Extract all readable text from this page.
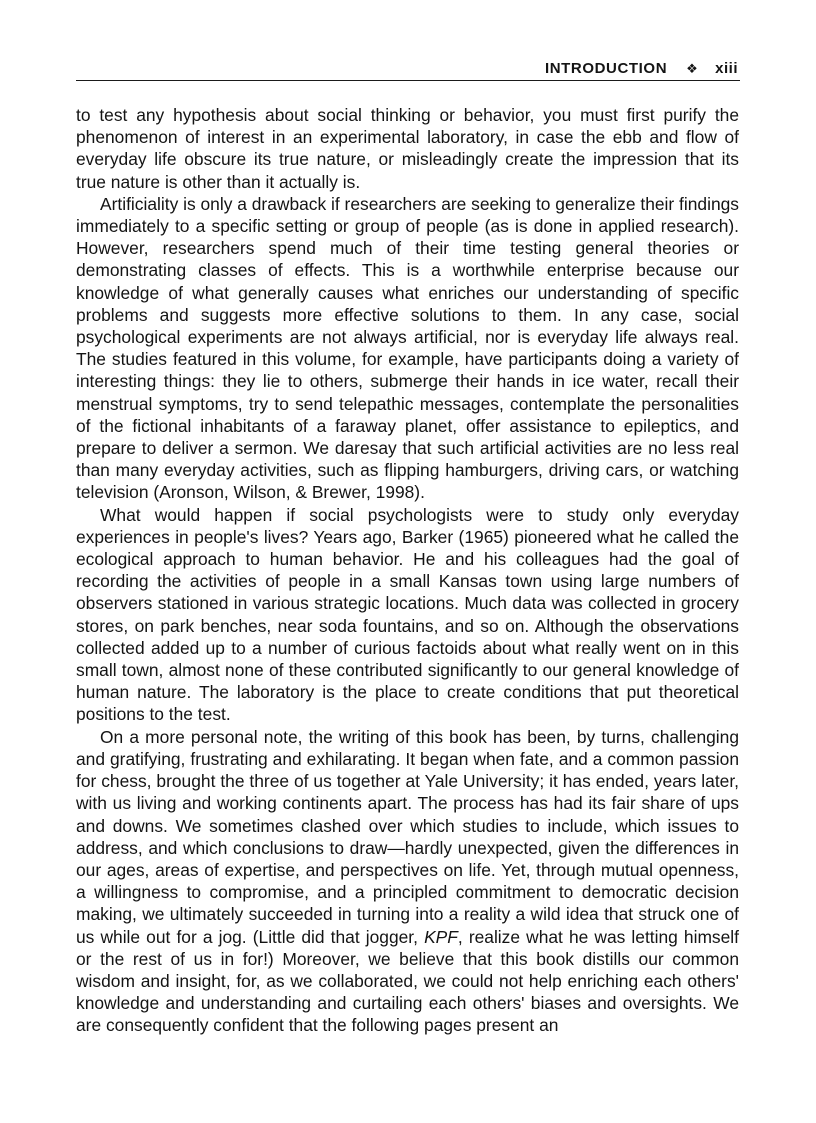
INTRODUCTION	❖	xiii

to test any hypothesis about social thinking or behavior, you must first purify the phenomenon of interest in an experimental laboratory, in case the ebb and flow of everyday life obscure its true nature, or misleadingly create the impression that its true nature is other than it actually is.

Artificiality is only a drawback if researchers are seeking to generalize their findings immediately to a specific setting or group of people (as is done in applied research). However, researchers spend much of their time testing general theories or demonstrating classes of effects. This is a worthwhile enterprise because our knowledge of what generally causes what enriches our understanding of specific problems and suggests more effective solutions to them. In any case, social psychological experiments are not always artificial, nor is everyday life always real. The studies featured in this volume, for example, have participants doing a variety of interesting things: they lie to others, submerge their hands in ice water, recall their menstrual symptoms, try to send telepathic messages, contemplate the personalities of the fictional inhabitants of a faraway planet, offer assistance to epileptics, and prepare to deliver a sermon. We daresay that such artificial activities are no less real than many everyday activities, such as flipping hamburgers, driving cars, or watching television (Aronson, Wilson, & Brewer, 1998).

What would happen if social psychologists were to study only everyday experiences in people's lives? Years ago, Barker (1965) pioneered what he called the ecological approach to human behavior. He and his colleagues had the goal of recording the activities of people in a small Kansas town using large numbers of observers stationed in various strategic locations. Much data was collected in grocery stores, on park benches, near soda fountains, and so on. Although the observations collected added up to a number of curious factoids about what really went on in this small town, almost none of these contributed significantly to our general knowledge of human nature. The laboratory is the place to create conditions that put theoretical positions to the test.

On a more personal note, the writing of this book has been, by turns, challenging and gratifying, frustrating and exhilarating. It began when fate, and a common passion for chess, brought the three of us together at Yale University; it has ended, years later, with us living and working continents apart. The process has had its fair share of ups and downs. We sometimes clashed over which studies to include, which issues to address, and which conclusions to draw—hardly unexpected, given the differences in our ages, areas of expertise, and perspectives on life. Yet, through mutual openness, a willingness to compromise, and a principled commitment to democratic decision making, we ultimately succeeded in turning into a reality a wild idea that struck one of us while out for a jog. (Little did that jogger, KPF, realize what he was letting himself or the rest of us in for!) Moreover, we believe that this book distills our common wisdom and insight, for, as we collaborated, we could not help enriching each others' knowledge and understanding and curtailing each others' biases and oversights. We are consequently confident that the following pages present an
